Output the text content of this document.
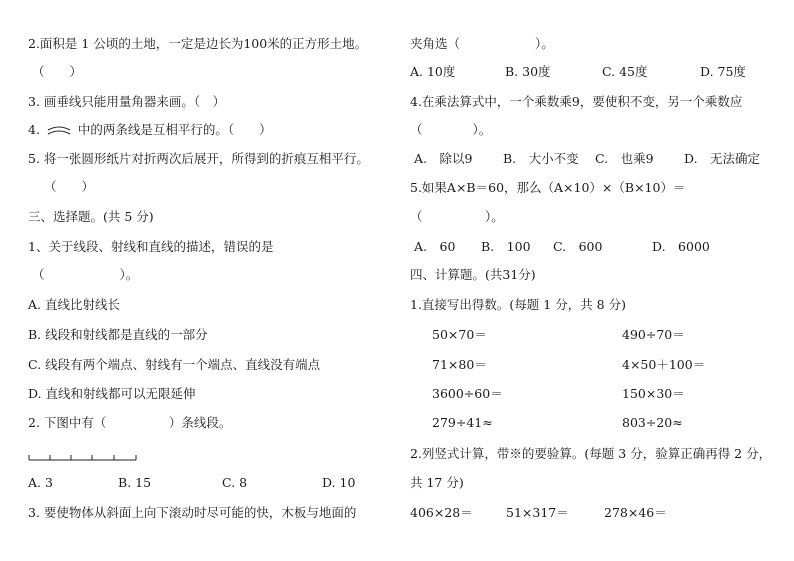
2.面积是 1 公顷的土地，一定是边长为100米的正方形土地。
（　　）
3. 画垂线只能用量角器来画。（　）
4.	中的两条线是互相平行的。（　　）
5. 将一张圆形纸片对折两次后展开，所得到的折痕互相平行。
（　　）
三、选择题。(共 5 分)
1、关于线段、射线和直线的描述，错误的是
（　　　　　　）。
A. 直线比射线长
B. 线段和射线都是直线的一部分
C. 线段有两个端点、射线有一个端点、直线没有端点
D. 直线和射线都可以无限延伸
2. 下图中有（　　　　　）条线段。
A. 3	B. 15	C. 8	D. 10
3. 要使物体从斜面上向下滚动时尽可能的快，木板与地面的
夹角选（　　　　　　）。
A. 10度	B. 30度	C. 45度	D. 75度
4.在乘法算式中，一个乘数乘9，要使积不变，另一个乘数应
（　　　　）。
A.　除以9 B.　大小不变 C.　也乘9 D.　无法确定
5.如果A×B＝60，那么（A×10）×（B×10）＝
（　　　　　）。
A.　60 B.　100 C.　600	D.　6000
四、计算题。(共31分)
1.直接写出得数。(每题 1 分，共 8 分)
50×70＝	490÷70＝
71×80＝	4×50＋100＝
3600÷60＝	150×30＝
279÷41≈	803÷20≈
2.列竖式计算，带※的要验算。(每题 3 分，验算正确再得 2 分，
共 17 分)
406×28＝	51×317＝	278×46＝
